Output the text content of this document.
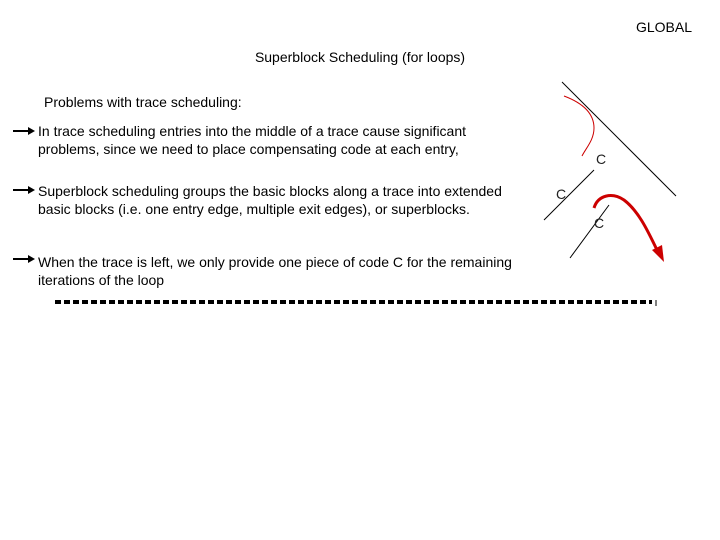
GLOBAL
Superblock Scheduling (for loops)
Problems with trace scheduling:
In trace scheduling entries into the middle of a trace cause significant problems, since we need to place compensating code at each entry,
Superblock scheduling groups the basic blocks along a trace into extended basic blocks (i.e. one entry edge, multiple exit edges), or superblocks.
When the trace is left, we only provide one piece of code C for the remaining iterations of the loop
C
C
C
